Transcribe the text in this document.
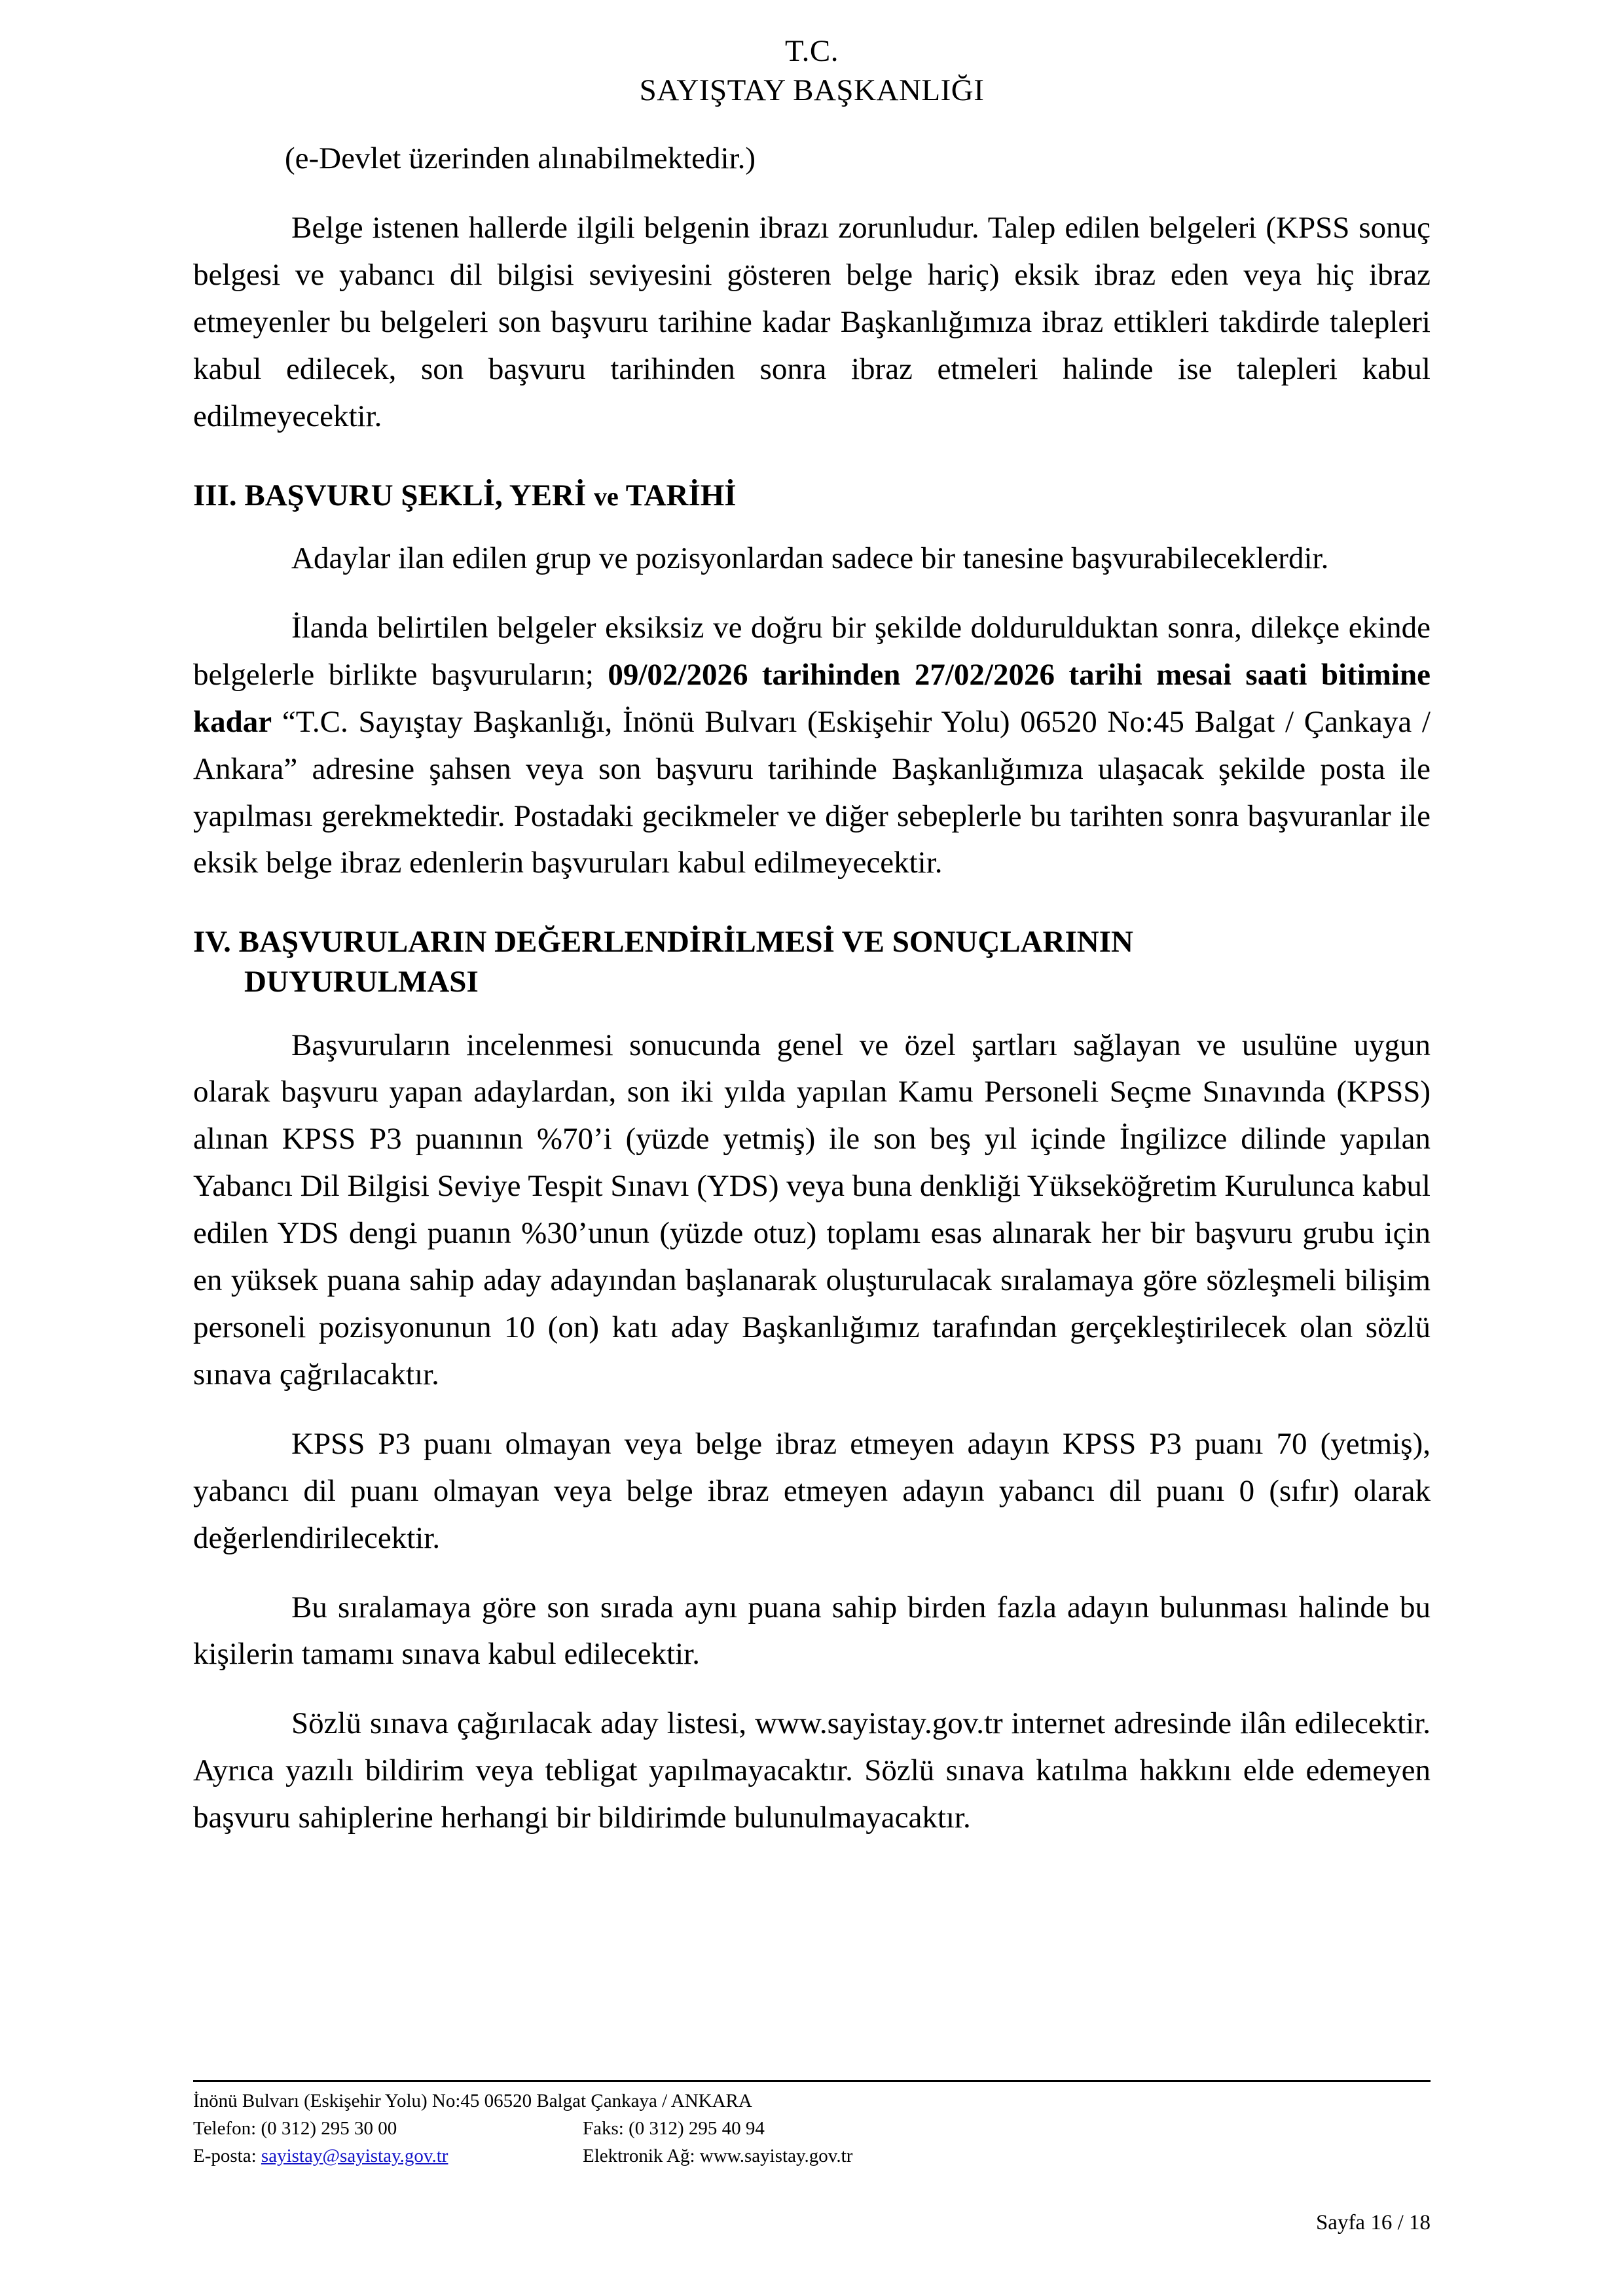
T.C.
SAYIŞTAY BAŞKANLIĞI
(e-Devlet üzerinden alınabilmektedir.)

Belge istenen hallerde ilgili belgenin ibrazı zorunludur. Talep edilen belgeleri (KPSS sonuç belgesi ve yabancı dil bilgisi seviyesini gösteren belge hariç) eksik ibraz eden veya hiç ibraz etmeyenler bu belgeleri son başvuru tarihine kadar Başkanlığımıza ibraz ettikleri takdirde talepleri kabul edilecek, son başvuru tarihinden sonra ibraz etmeleri halinde ise talepleri kabul edilmeyecektir.

III. BAŞVURU ŞEKLİ, YERİ ve TARİHİ

Adaylar ilan edilen grup ve pozisyonlardan sadece bir tanesine başvurabileceklerdir.

İlanda belirtilen belgeler eksiksiz ve doğru bir şekilde doldurulduktan sonra, dilekçe ekinde belgelerle birlikte başvuruların; 09/02/2026 tarihinden 27/02/2026 tarihi mesai saati bitimine kadar “T.C. Sayıştay Başkanlığı, İnönü Bulvarı (Eskişehir Yolu) 06520 No:45 Balgat / Çankaya / Ankara” adresine şahsen veya son başvuru tarihinde Başkanlığımıza ulaşacak şekilde posta ile yapılması gerekmektedir. Postadaki gecikmeler ve diğer sebeplerle bu tarihten sonra başvuranlar ile eksik belge ibraz edenlerin başvuruları kabul edilmeyecektir.

IV. BAŞVURULARIN DEĞERLENDİRİLMESİ VE SONUÇLARININ
DUYURULMASI

Başvuruların incelenmesi sonucunda genel ve özel şartları sağlayan ve usulüne uygun olarak başvuru yapan adaylardan, son iki yılda yapılan Kamu Personeli Seçme Sınavında (KPSS) alınan KPSS P3 puanının %70’i (yüzde yetmiş) ile son beş yıl içinde İngilizce dilinde yapılan Yabancı Dil Bilgisi Seviye Tespit Sınavı (YDS) veya buna denkliği Yükseköğretim Kurulunca kabul edilen YDS dengi puanın %30’unun (yüzde otuz) toplamı esas alınarak her bir başvuru grubu için en yüksek puana sahip aday adayından başlanarak oluşturulacak sıralamaya göre sözleşmeli bilişim personeli pozisyonunun 10 (on) katı aday Başkanlığımız tarafından gerçekleştirilecek olan sözlü sınava çağrılacaktır.

KPSS P3 puanı olmayan veya belge ibraz etmeyen adayın KPSS P3 puanı 70 (yetmiş), yabancı dil puanı olmayan veya belge ibraz etmeyen adayın yabancı dil puanı 0 (sıfır) olarak değerlendirilecektir.

Bu sıralamaya göre son sırada aynı puana sahip birden fazla adayın bulunması halinde bu kişilerin tamamı sınava kabul edilecektir.

Sözlü sınava çağırılacak aday listesi, www.sayistay.gov.tr internet adresinde ilân edilecektir. Ayrıca yazılı bildirim veya tebligat yapılmayacaktır. Sözlü sınava katılma hakkını elde edemeyen başvuru sahiplerine herhangi bir bildirimde bulunulmayacaktır.

İnönü Bulvarı (Eskişehir Yolu) No:45 06520 Balgat Çankaya / ANKARA
Telefon: (0 312) 295 30 00	Faks: (0 312) 295 40 94
E-posta: sayistay@sayistay.gov.tr	Elektronik Ağ: www.sayistay.gov.tr
Sayfa 16 / 18
